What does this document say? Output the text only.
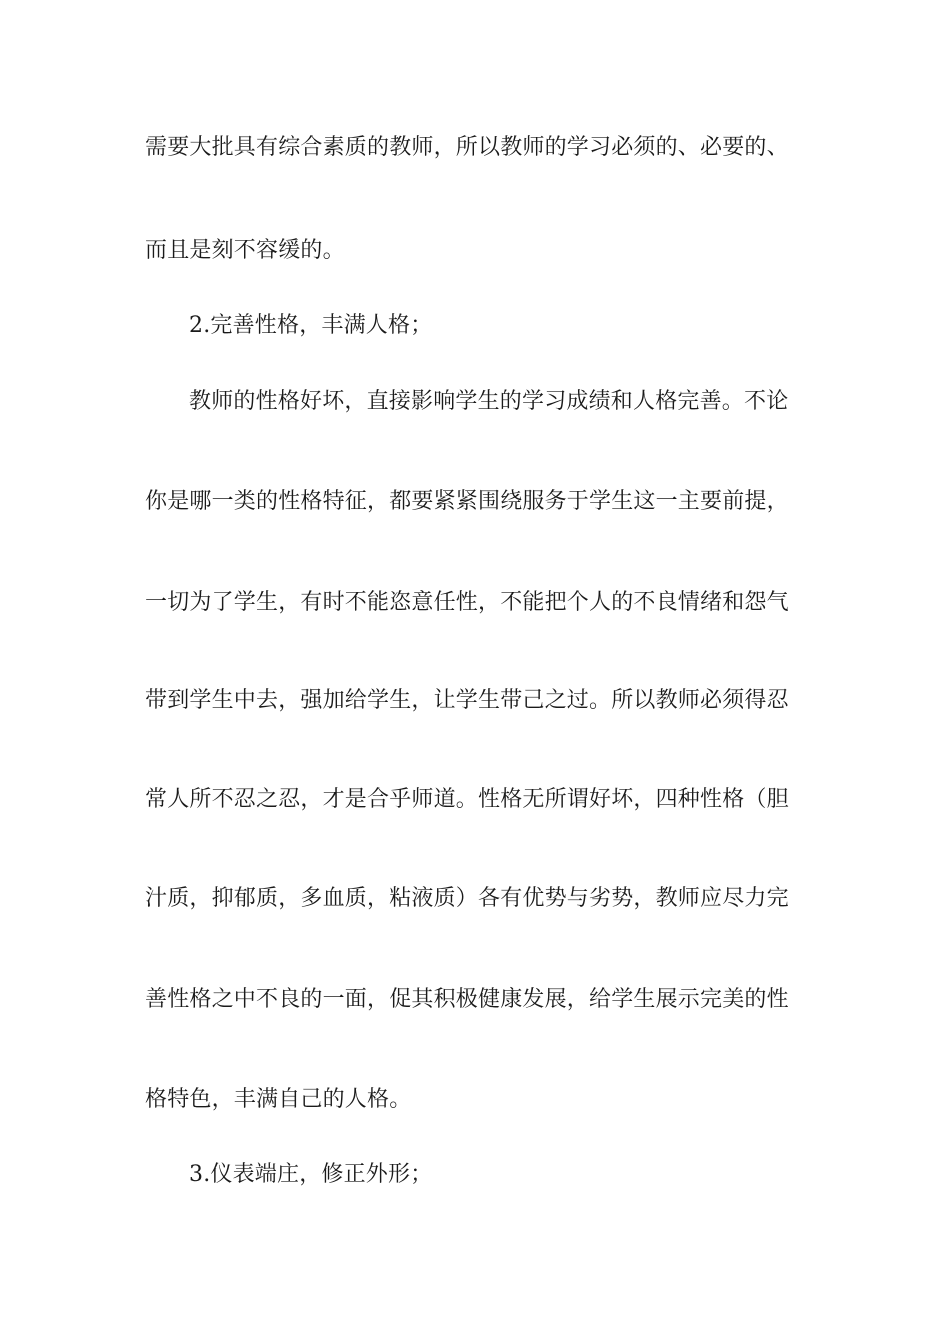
需要大批具有综合素质的教师，所以教师的学习必须的、必要的、
而且是刻不容缓的。
2.完善性格，丰满人格；
教师的性格好坏，直接影响学生的学习成绩和人格完善。不论
你是哪一类的性格特征，都要紧紧围绕服务于学生这一主要前提，
一切为了学生，有时不能恣意任性，不能把个人的不良情绪和怨气
带到学生中去，强加给学生，让学生带己之过。所以教师必须得忍
常人所不忍之忍，才是合乎师道。性格无所谓好坏，四种性格（胆
汁质，抑郁质，多血质，粘液质）各有优势与劣势，教师应尽力完
善性格之中不良的一面，促其积极健康发展，给学生展示完美的性
格特色，丰满自己的人格。
3.仪表端庄，修正外形；
